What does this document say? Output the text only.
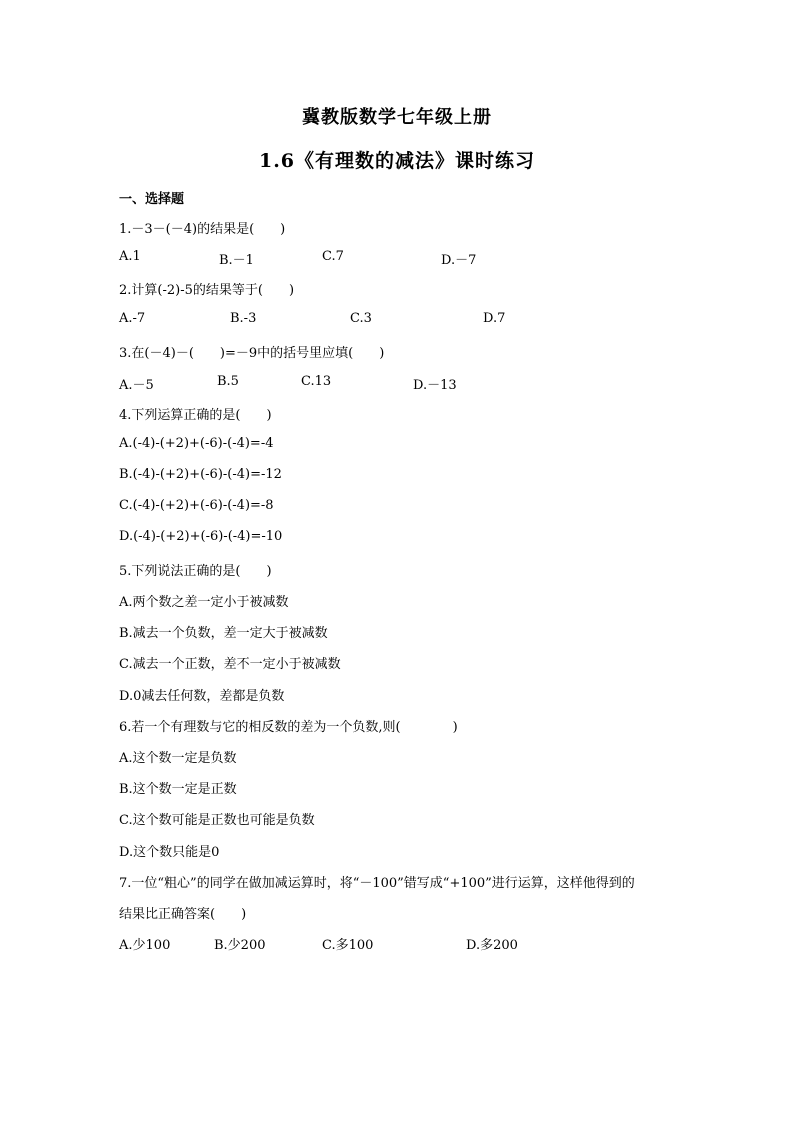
冀教版数学七年级上册
1.6《有理数的减法》课时练习
一、选择题
1.－3－(－4)的结果是(　　)
A.1	B.－1	C.7	D.－7
2.计算(-2)-5的结果等于(　　)
A.-7	B.-3	C.3	D.7
3.在(－4)－(　　)=－9中的括号里应填(　　)
A.－5	B.5	C.13	D.－13
4.下列运算正确的是(　　)
A.(-4)-(+2)+(-6)-(-4)=-4
B.(-4)-(+2)+(-6)-(-4)=-12
C.(-4)-(+2)+(-6)-(-4)=-8
D.(-4)-(+2)+(-6)-(-4)=-10
5.下列说法正确的是(　　)
A.两个数之差一定小于被减数
B.减去一个负数，差一定大于被减数
C.减去一个正数，差不一定小于被减数
D.0减去任何数，差都是负数
6.若一个有理数与它的相反数的差为一个负数,则(　　　　)
A.这个数一定是负数
B.这个数一定是正数
C.这个数可能是正数也可能是负数
D.这个数只能是0
7.一位“粗心”的同学在做加减运算时，将“－100”错写成“+100”进行运算，这样他得到的
结果比正确答案(　　)
A.少100	B.少200	C.多100	D.多200
